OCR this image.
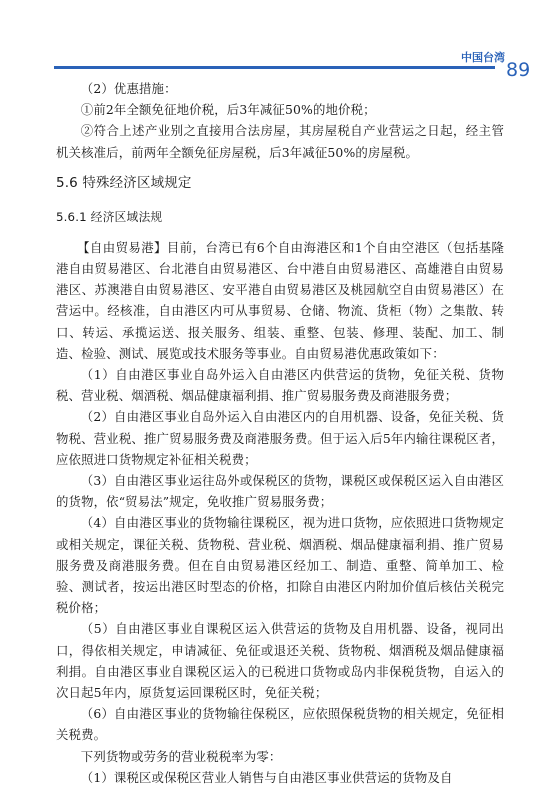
中国台湾
89

（2）优惠措施：

①前2年全额免征地价税，后3年减征50%的地价税；

②符合上述产业别之直接用合法房屋，其房屋税自产业营运之日起，经主管机关核准后，前两年全额免征房屋税，后3年减征50%的房屋税。

5.6 特殊经济区域规定
5.6.1 经济区域法规

【自由贸易港】目前，台湾已有6个自由海港区和1个自由空港区（包括基隆港自由贸易港区、台北港自由贸易港区、台中港自由贸易港区、高雄港自由贸易港区、苏澳港自由贸易港区、安平港自由贸易港区及桃园航空自由贸易港区）在营运中。经核准，自由港区内可从事贸易、仓储、物流、货柜（物）之集散、转口、转运、承揽运送、报关服务、组装、重整、包装、修理、装配、加工、制造、检验、测试、展览或技术服务等事业。自由贸易港优惠政策如下：

（1）自由港区事业自岛外运入自由港区内供营运的货物，免征关税、货物税、营业税、烟酒税、烟品健康福利捐、推广贸易服务费及商港服务费；

（2）自由港区事业自岛外运入自由港区内的自用机器、设备，免征关税、货物税、营业税、推广贸易服务费及商港服务费。但于运入后5年内输往课税区者，应依照进口货物规定补征相关税费；

（3）自由港区事业运往岛外或保税区的货物，课税区或保税区运入自由港区的货物，依“贸易法”规定，免收推广贸易服务费；

（4）自由港区事业的货物输往课税区，视为进口货物，应依照进口货物规定或相关规定，课征关税、货物税、营业税、烟酒税、烟品健康福利捐、推广贸易服务费及商港服务费。但在自由贸易港区经加工、制造、重整、简单加工、检验、测试者，按运出港区时型态的价格，扣除自由港区内附加价值后核估关税完税价格；

（5）自由港区事业自课税区运入供营运的货物及自用机器、设备，视同出口，得依相关规定，申请减征、免征或退还关税、货物税、烟酒税及烟品健康福利捐。自由港区事业自课税区运入的已税进口货物或岛内非保税货物，自运入的次日起5年内，原货复运回课税区时，免征关税；

（6）自由港区事业的货物输往保税区，应依照保税货物的相关规定，免征相关税费。

下列货物或劳务的营业税税率为零：

（1）课税区或保税区营业人销售与自由港区事业供营运的货物及自
